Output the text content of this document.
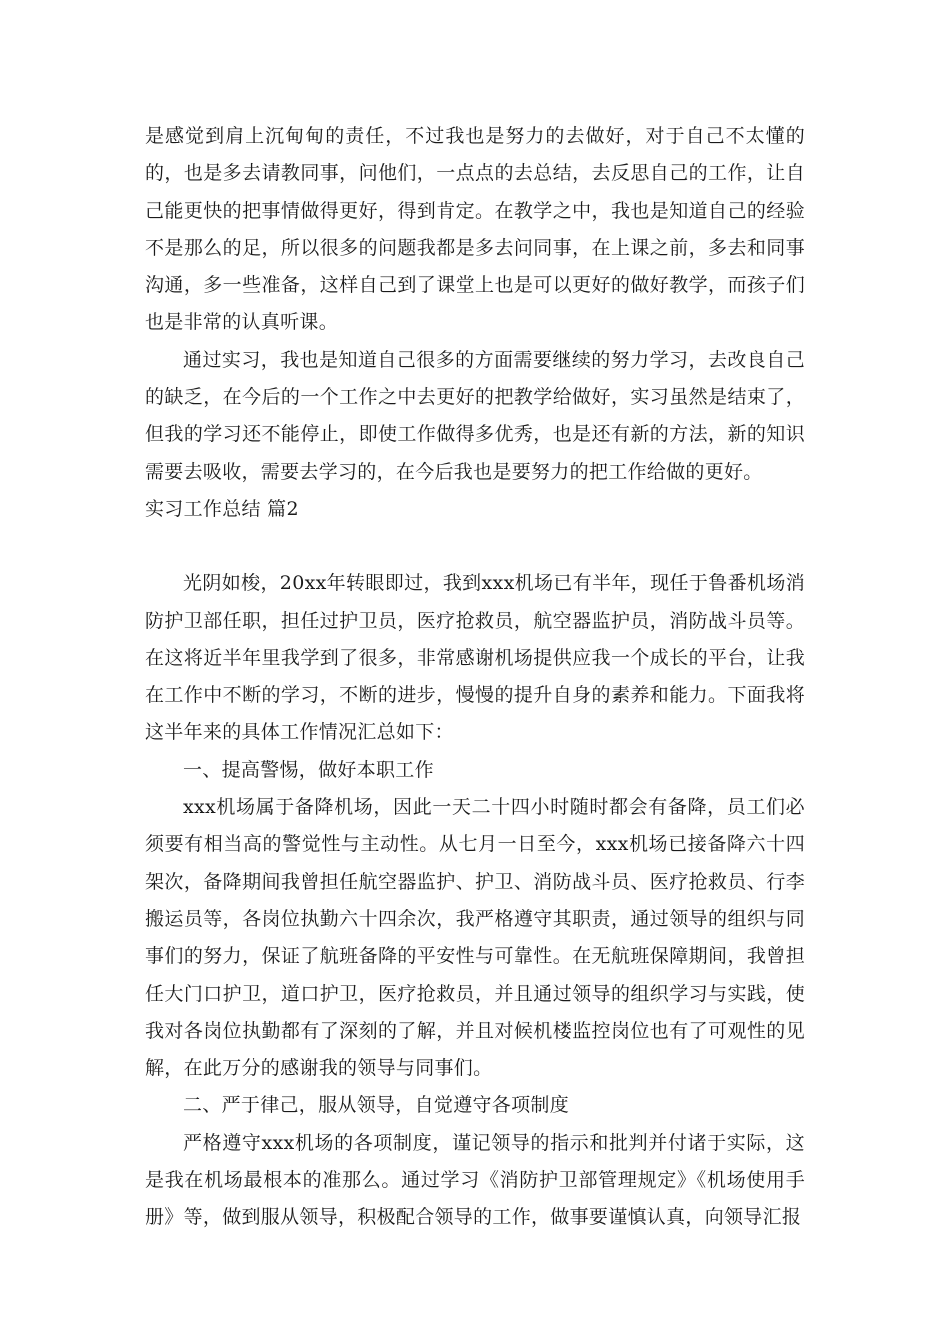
是感觉到肩上沉甸甸的责任，不过我也是努力的去做好，对于自己不太懂的的，也是多去请教同事，问他们，一点点的去总结，去反思自己的工作，让自己能更快的把事情做得更好，得到肯定。在教学之中，我也是知道自己的经验不是那么的足，所以很多的问题我都是多去问同事，在上课之前，多去和同事沟通，多一些准备，这样自己到了课堂上也是可以更好的做好教学，而孩子们也是非常的认真听课。

通过实习，我也是知道自己很多的方面需要继续的努力学习，去改良自己的缺乏，在今后的一个工作之中去更好的把教学给做好，实习虽然是结束了，但我的学习还不能停止，即使工作做得多优秀，也是还有新的方法，新的知识需要去吸收，需要去学习的，在今后我也是要努力的把工作给做的更好。

实习工作总结 篇2

光阴如梭，20xx年转眼即过，我到xxx机场已有半年，现任于鲁番机场消防护卫部任职，担任过护卫员，医疗抢救员，航空器监护员，消防战斗员等。在这将近半年里我学到了很多，非常感谢机场提供应我一个成长的平台，让我在工作中不断的学习，不断的进步，慢慢的提升自身的素养和能力。下面我将这半年来的具体工作情况汇总如下：

一、提高警惕，做好本职工作

xxx机场属于备降机场，因此一天二十四小时随时都会有备降，员工们必须要有相当高的警觉性与主动性。从七月一日至今，xxx机场已接备降六十四架次，备降期间我曾担任航空器监护、护卫、消防战斗员、医疗抢救员、行李搬运员等，各岗位执勤六十四余次，我严格遵守其职责，通过领导的组织与同事们的努力，保证了航班备降的平安性与可靠性。在无航班保障期间，我曾担任大门口护卫，道口护卫，医疗抢救员，并且通过领导的组织学习与实践，使我对各岗位执勤都有了深刻的了解，并且对候机楼监控岗位也有了可观性的见解，在此万分的感谢我的领导与同事们。

二、严于律己，服从领导，自觉遵守各项制度

严格遵守xxx机场的各项制度，谨记领导的指示和批判并付诸于实际，这是我在机场最根本的准那么。通过学习《消防护卫部管理规定》《机场使用手册》等，做到服从领导，积极配合领导的工作，做事要谨慎认真，向领导汇报
